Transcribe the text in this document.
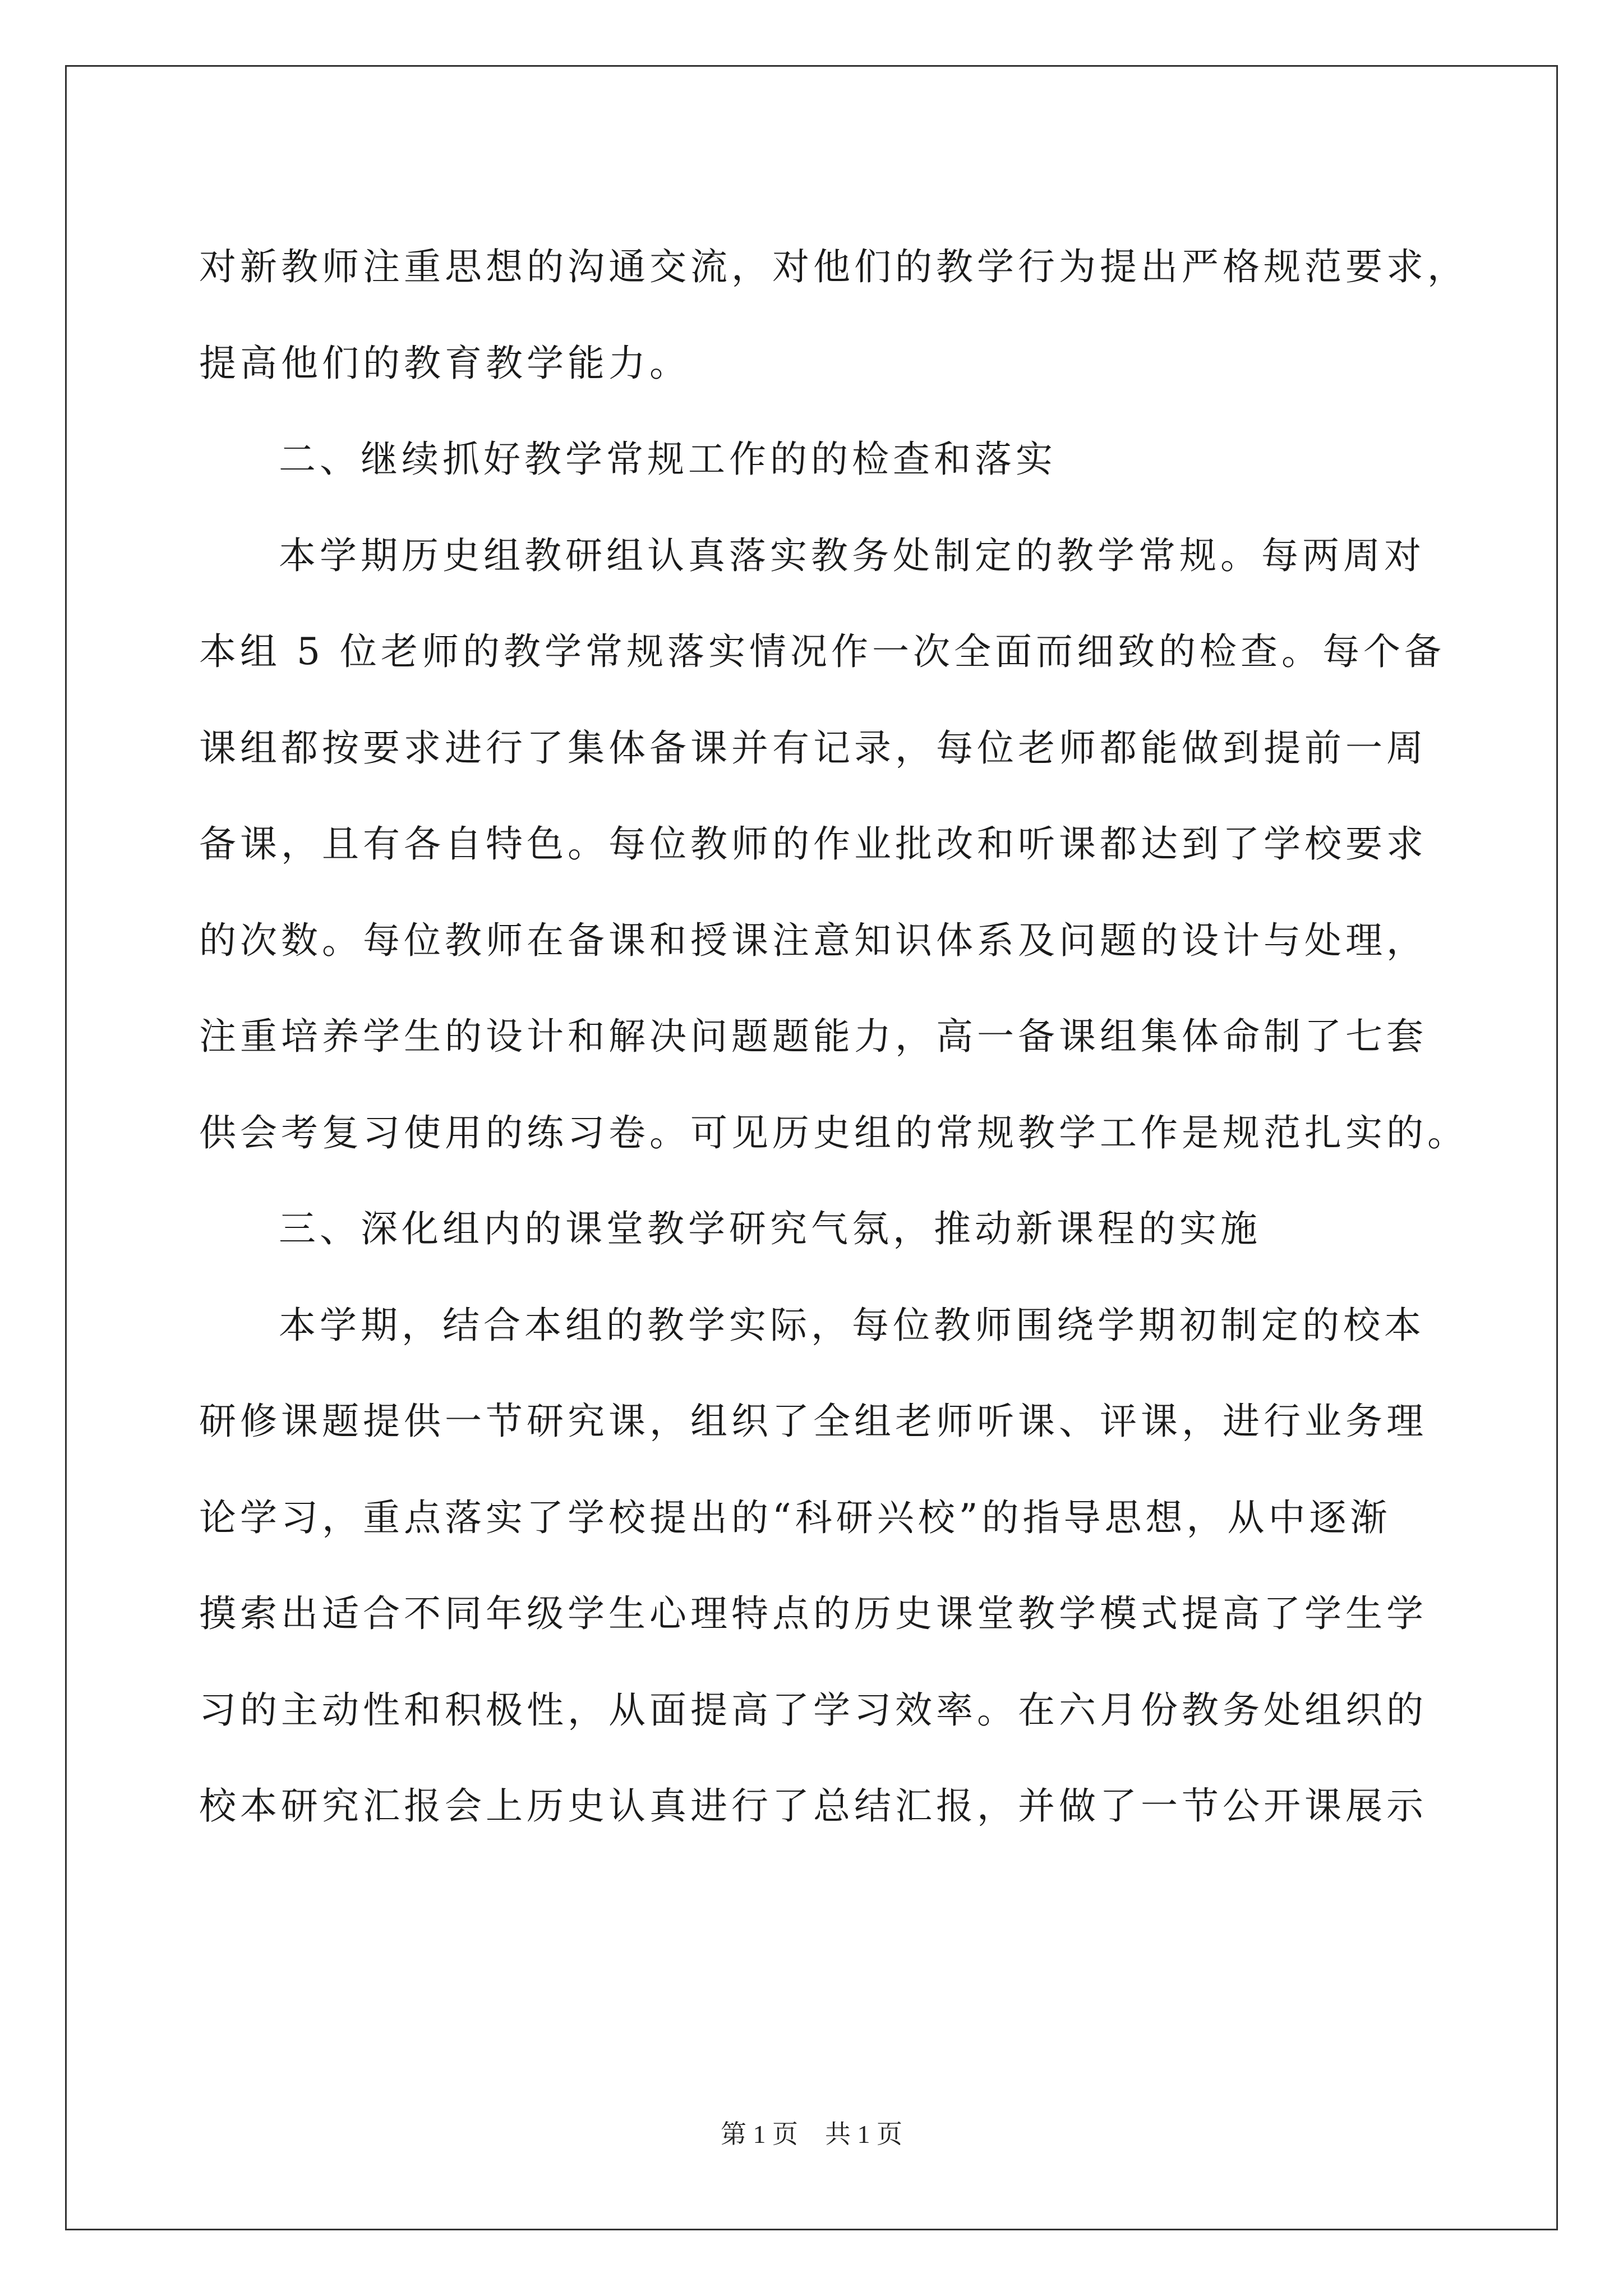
对新教师注重思想的沟通交流，对他们的教学行为提出严格规范要求，

提高他们的教育教学能力。

二、继续抓好教学常规工作的的检查和落实

本学期历史组教研组认真落实教务处制定的教学常规。每两周对

本组 5 位老师的教学常规落实情况作一次全面而细致的检查。每个备

课组都按要求进行了集体备课并有记录，每位老师都能做到提前一周

备课，且有各自特色。每位教师的作业批改和听课都达到了学校要求

的次数。每位教师在备课和授课注意知识体系及问题的设计与处理，

注重培养学生的设计和解决问题题能力，高一备课组集体命制了七套

供会考复习使用的练习卷。可见历史组的常规教学工作是规范扎实的。

三、深化组内的课堂教学研究气氛，推动新课程的实施

本学期，结合本组的教学实际，每位教师围绕学期初制定的校本

研修课题提供一节研究课，组织了全组老师听课、评课，进行业务理

论学习，重点落实了学校提出的“科研兴校”的指导思想，从中逐渐

摸索出适合不同年级学生心理特点的历史课堂教学模式提高了学生学

习的主动性和积极性，从面提高了学习效率。在六月份教务处组织的

校本研究汇报会上历史认真进行了总结汇报，并做了一节公开课展示

第 1 页 共 1 页
